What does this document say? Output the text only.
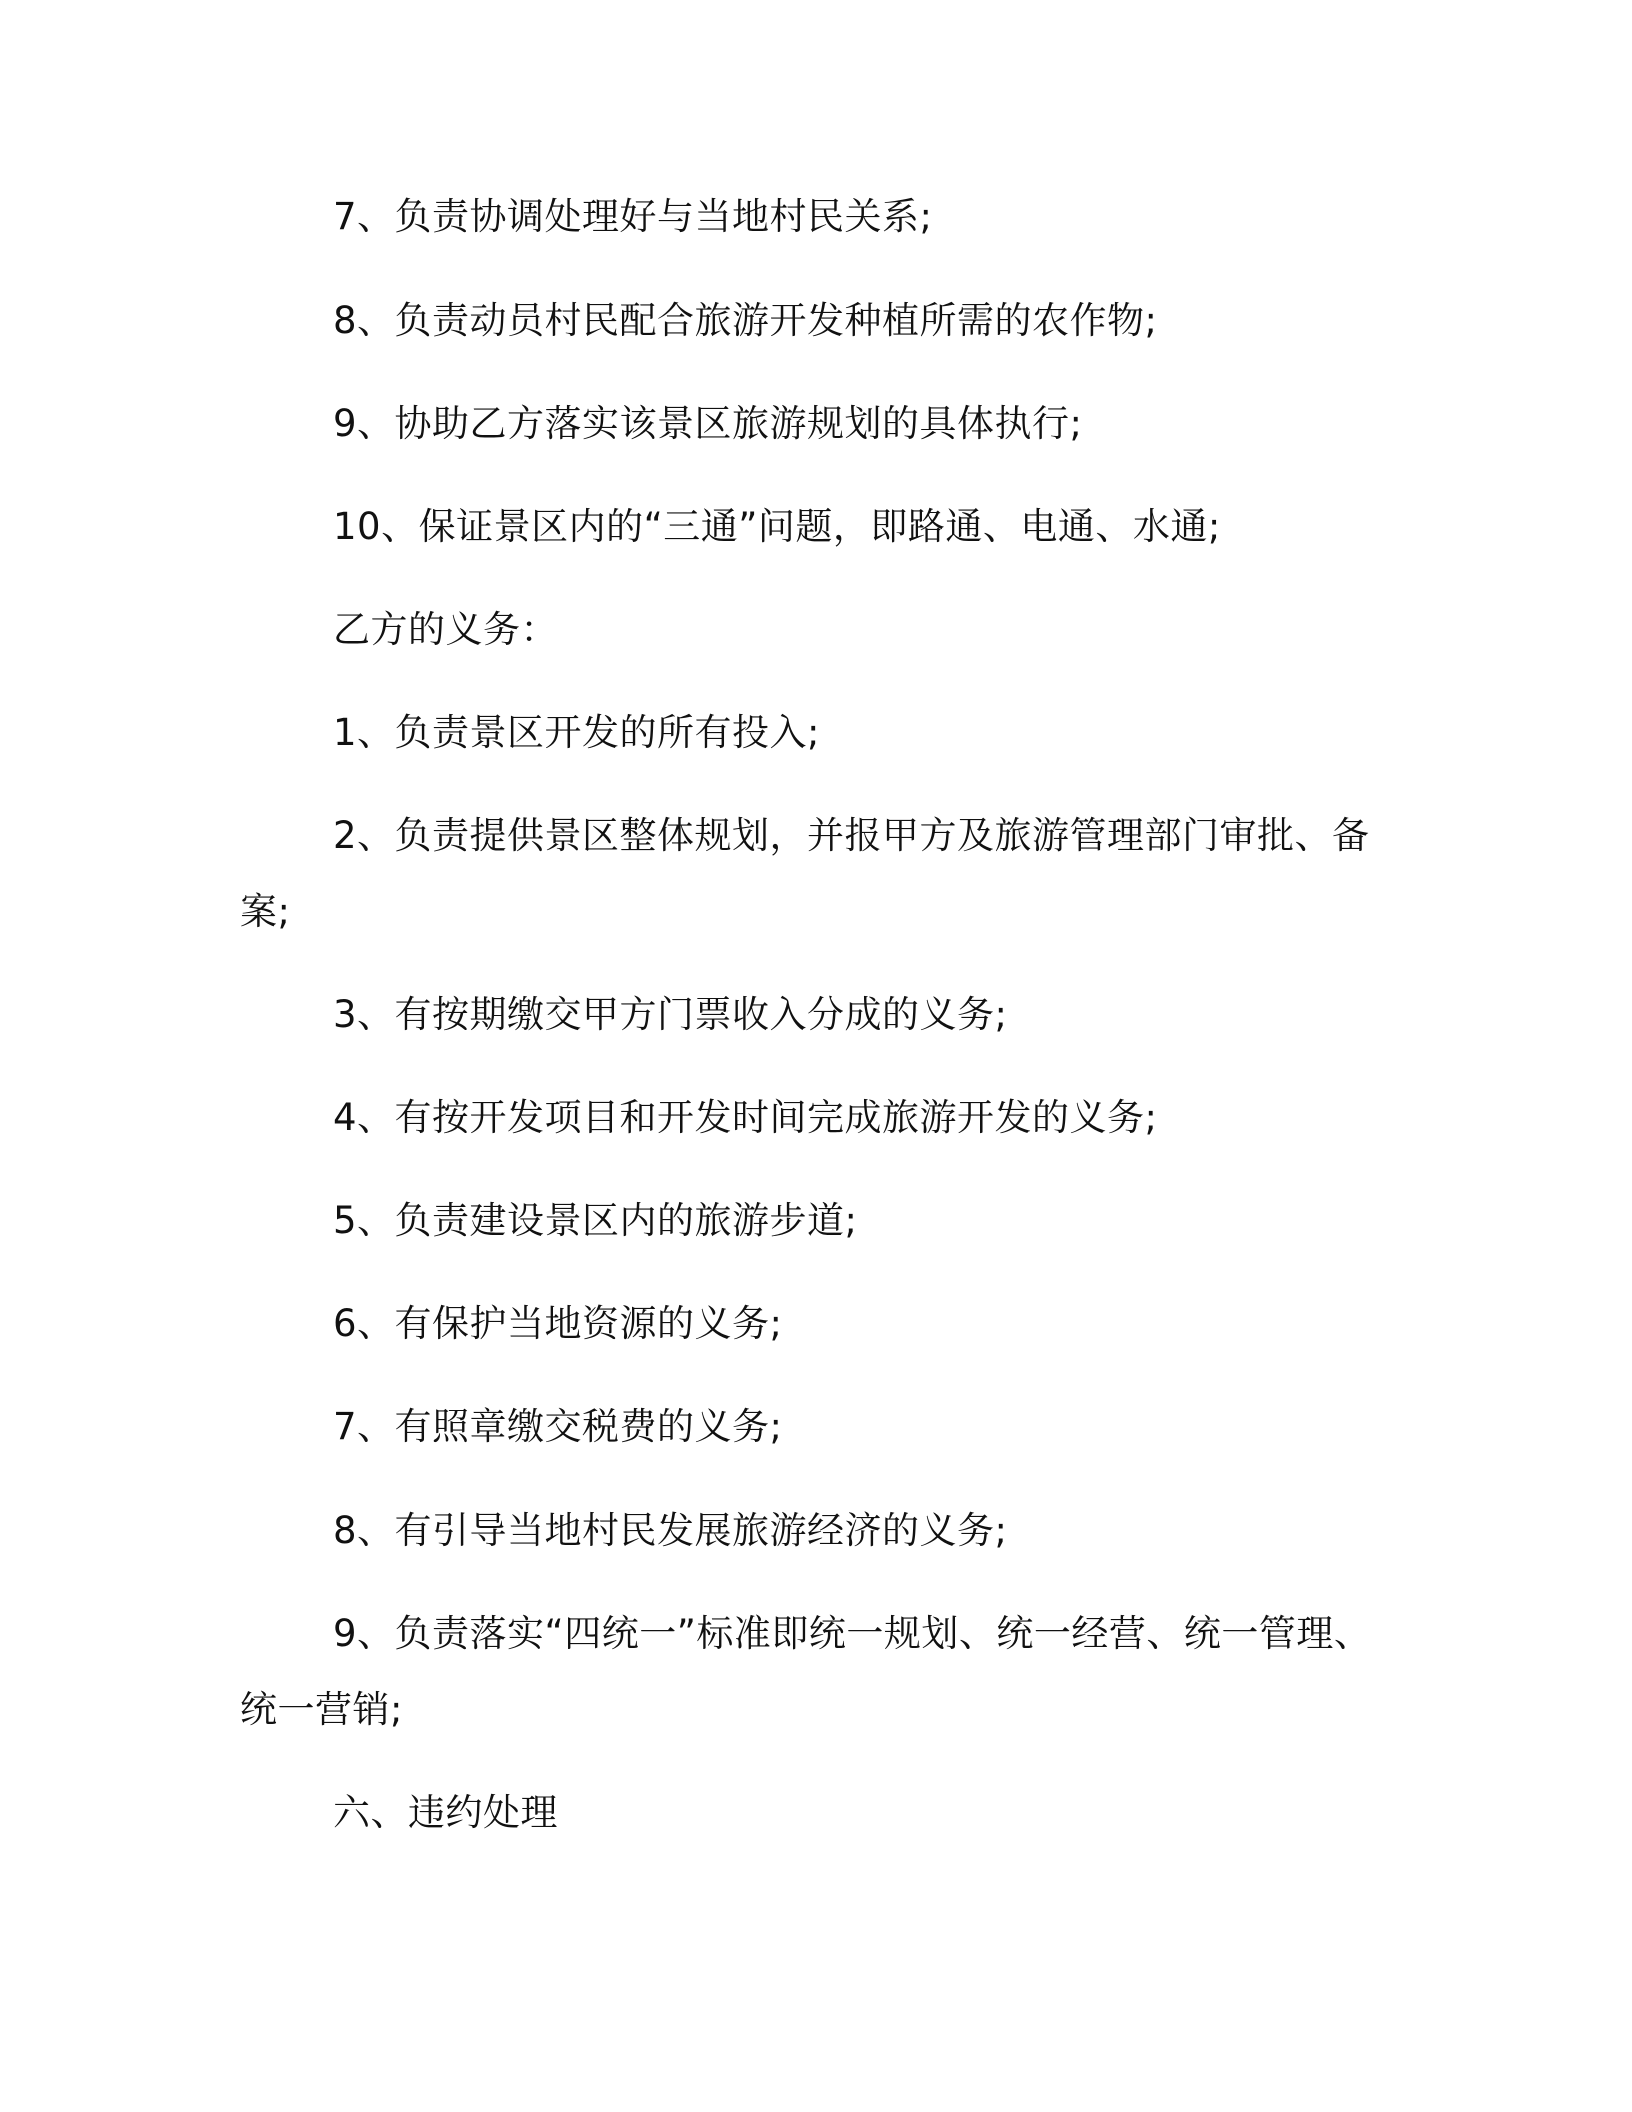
7、负责协调处理好与当地村民关系;
8、负责动员村民配合旅游开发种植所需的农作物;
9、协助乙方落实该景区旅游规划的具体执行;
10、保证景区内的“三通”问题，即路通、电通、水通;
乙方的义务：
1、负责景区开发的所有投入;
2、负责提供景区整体规划，并报甲方及旅游管理部门审批、备
案;
3、有按期缴交甲方门票收入分成的义务;
4、有按开发项目和开发时间完成旅游开发的义务;
5、负责建设景区内的旅游步道;
6、有保护当地资源的义务;
7、有照章缴交税费的义务;
8、有引导当地村民发展旅游经济的义务;
9、负责落实“四统一”标准即统一规划、统一经营、统一管理、
统一营销;
六、违约处理
